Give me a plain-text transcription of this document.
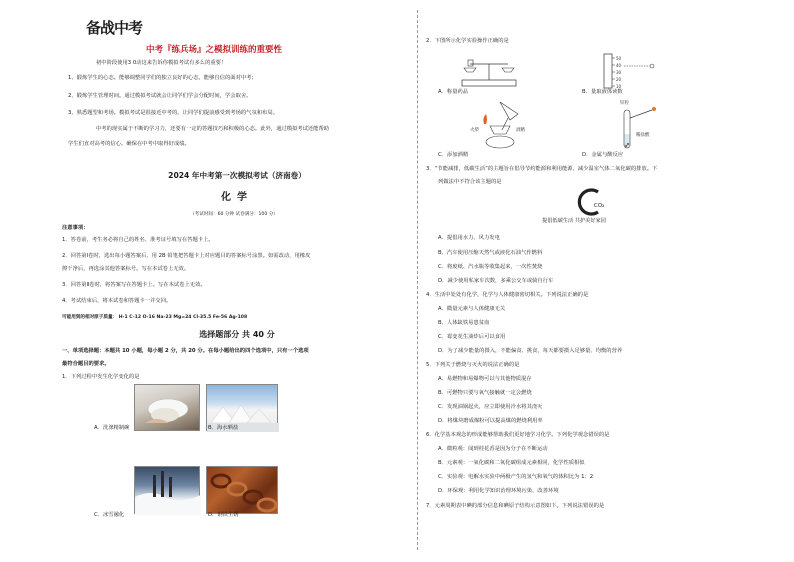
备战中考
中考『练兵场』之模拟训练的重要性
初中阶段使用3 0动这来告诉你模拟考试有多么的重要！
1、锻炼学生的心态。能够调整同学们的独立良好的心态，能够自信的面对中考；
2、锻炼学生管理时间。通过模拟考试就会让同学们学会分配时间，学会取舍。
3、熟悉题型和考场。模拟考试是很接近中考的，让同学们提前感受到考场的气氛和布局。
中考的现实属于不断的学习力，还要有一定的答题技巧和积极的心态。此外，通过模拟考试还能帮助
学生们直对高考的信心。确保在中考中取得好成绩。
2024 年中考第一次模拟考试（济南卷）
化学
（考试时间：60 分钟 试卷满分：100 分）
注意事项：
1．答卷前，考生务必将自己的姓名、准考证号填写在答题卡上。
2．回答第Ⅰ卷时，选出每小题答案后，用 2B 铅笔把答题卡上对应题目的答案标号涂黑。如需改动，用橡皮
擦干净后，再选涂其他答案标号。写在本试卷上无效。
3．回答第Ⅱ卷时，将答案写在答题卡上。写在本试卷上无效。
4．考试结束后，将本试卷和答题卡一并交回。
可能用到的相对原子质量： H-1 C-12 O-16 Na-23 Mg=24 Cl-35.5 Fe-56 Ag-108
选择题部分 共 40 分
一、单项选择题：本题共 10 小题，每小题 2 分，共 20 分。在每小题给出的四个选项中，只有一个选项
最符合题目的要求。
1．下列过程中发生化学变化的是
A．洗涤精制碗	B．海水晒盐
C．冰雪融化	D．钢铁生锈
2．下图所示化学实验操作正确的是
A．称量药品
50
40
30
20
10
B．量取液体读数
火柴	酒精
C．添加酒精
锌粒
稀盐酸
D．金属与酸反应
3．“节能减排，低碳生活”的主题旨在倡导节约能源和利用能源，减少温室气体二氧化碳的排放。下
列做法中不符合该主题的是
CO₂
提倡低碳生活 共护美好家园
A．提倡用水力、风力发电
B．汽车使用压缩天然气或液化石油气作燃料
C．将废纸、汽水瓶等收集起来，一次性焚烧
D．减少使用私家车次数，多乘公交车或骑自行车
4．生活中处处有化学，化学与人体健康密切相关。下列说法正确的是
A．微量元素与人体健康无关
B．人体缺铁易患贫血
C．霉变花生油炸后可以食用
D．为了减少能量的摄入，不能偏食、挑食，每天都要摄入足够量、均衡的营养
5．下列关于燃烧与灭火的说法正确的是
A．易燃物和易爆物可以与其他物质混存
B．可燃物只要与氧气接触就一定会燃烧
C．发现油锅起火，应立即使用冷水将其浇灭
D．将煤块磨成煤粉可以提高煤的燃烧利用率
6．化学基本观念的形成能够帮助我们更好地学习化学。下列化学观念错误的是
A．微粒观：闻到桂花香是因为分子在不断运动
B．元素观：一氧化碳和二氧化碳组成元素相同，化学性质相似
C．实验观：电解水实验中两极产生的氢气和氧气的体积比为 1：2
D．环保观：利用化学知识治理环境污染，改善环境
7．元素周期表中碘的部分信息和碘原子结构示意图如下。下列说法错误的是
